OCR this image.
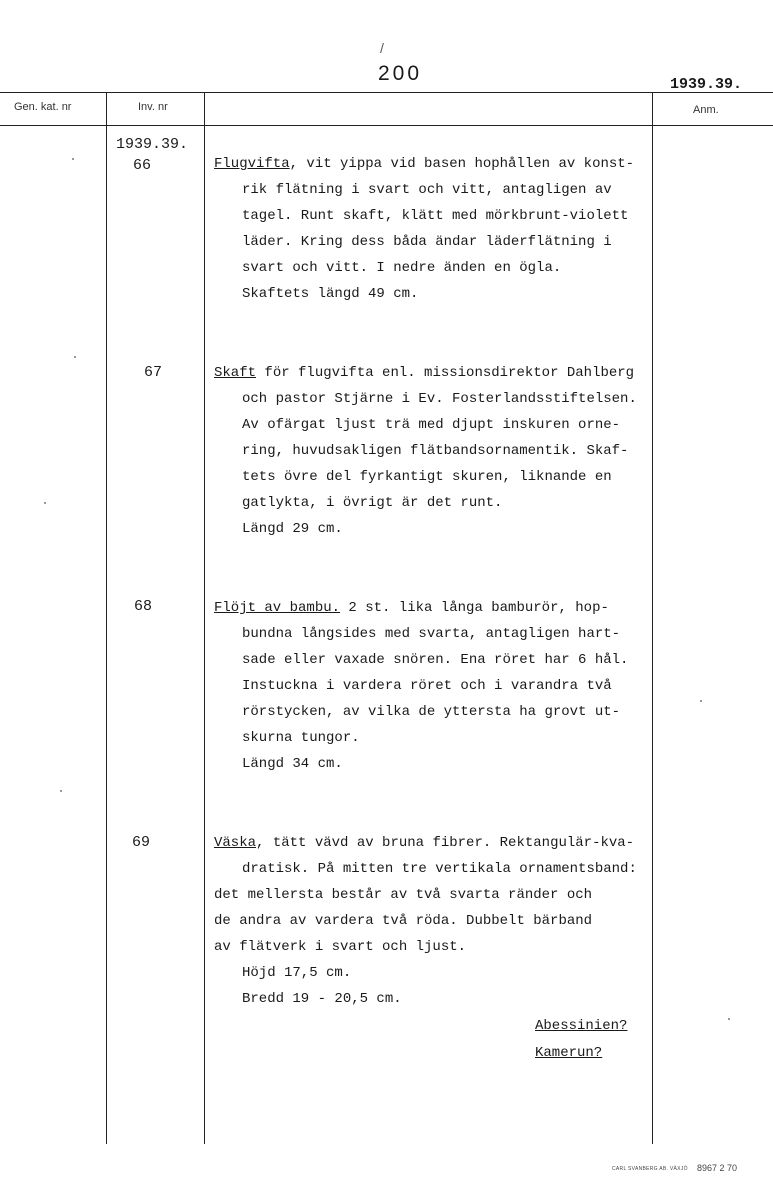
/
200	1939.39.
Gen. kat. nr	Inv. nr	Anm.
1939.39.
66	Flugvifta, vit yippa vid basen hophållen av konst-
rik flätning i svart och vitt, antagligen av
tagel. Runt skaft, klätt med mörkbrunt-violett
läder. Kring dess båda ändar läderflätning i
svart och vitt. I nedre änden en ögla.
Skaftets längd 49 cm.
67	Skaft för flugvifta enl. missionsdirektor Dahlberg
och pastor Stjärne i Ev. Fosterlandsstiftelsen.
Av ofärgat ljust trä med djupt inskuren orne-
ring, huvudsakligen flätbandsornamentik. Skaf-
tets övre del fyrkantigt skuren, liknande en
gatlykta, i övrigt är det runt.
Längd 29 cm.
68	Flöjt av bambu. 2 st. lika långa bamburör, hop-
bundna långsides med svarta, antagligen hart-
sade eller vaxade snören. Ena röret har 6 hål.
Instuckna i vardera röret och i varandra två
rörstycken, av vilka de yttersta ha grovt ut-
skurna tungor.
Längd 34 cm.
69	Väska, tätt vävd av bruna fibrer. Rektangulär-kva-
dratisk. På mitten tre vertikala ornamentsband:
det mellersta består av två svarta ränder och
de andra av vardera två röda. Dubbelt bärband
av flätverk i svart och ljust.
Höjd 17,5 cm.
Bredd 19 - 20,5 cm.
Abessinien?
Kamerun?
CARL SVANBERG AB. VÄXJÖ 8967 2 70
